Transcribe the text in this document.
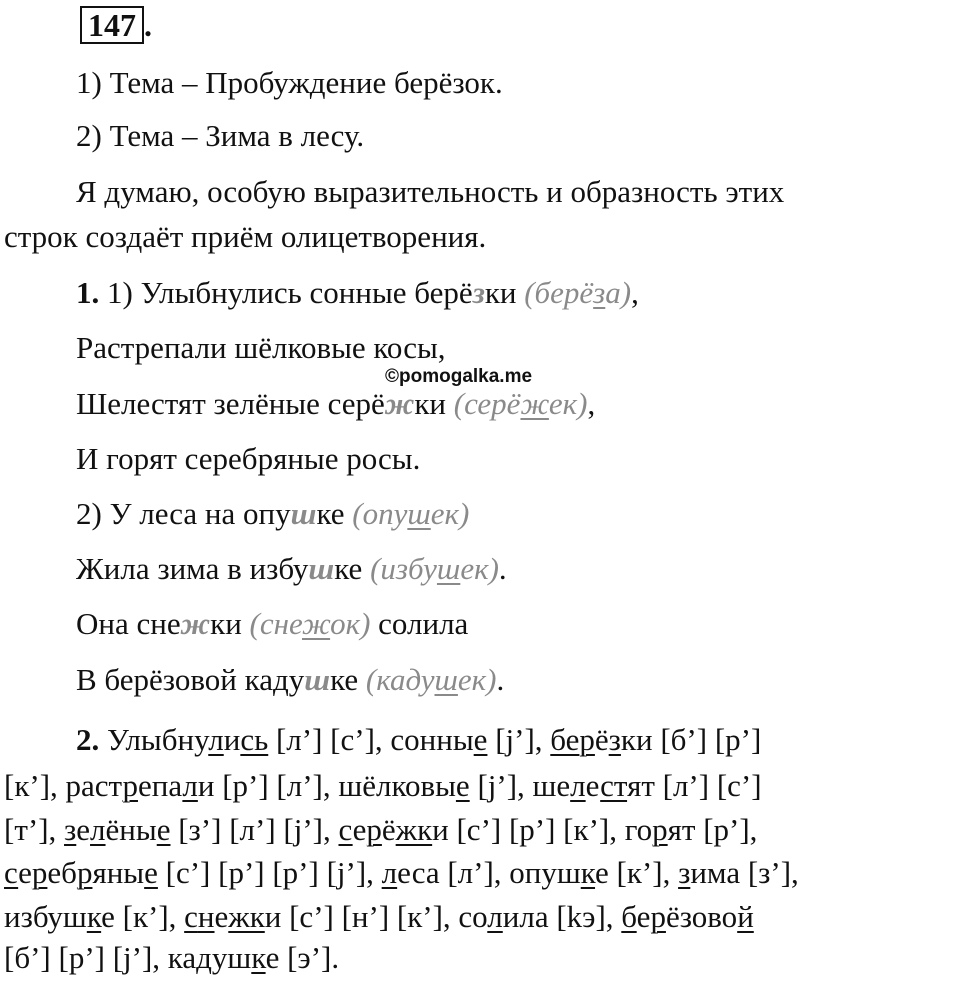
147 .
1) Тема – Пробуждение берёзок.
2) Тема – Зима в лесу.
Я думаю, особую выразительность и образность этих
строк создаёт приём олицетворения.
1. 1) Улыбнулись сонные берёзки (берёза),
Растрепали шёлковые косы,
©pomogalka.me
Шелестят зелёные серёжки (серёжек),
И горят серебряные росы.
2) У леса на опушке (опушек)
Жила зима в избушке (избушек).
Она снежки (снежок) солила
В берёзовой кадушке (кадушек).
2. Улыбнулись [л’] [с’], сонные [j’], берёзки [б’] [р’]
[к’], растрепали [р’] [л’], шёлковые [j’], шелестят [л’] [с’]
[т’], зелёные [з’] [л’] [j’], серёжки [с’] [р’] [к’], горят [р’],
серебряные [с’] [р’] [р’] [j’], леса [л’], опушке [к’], зима [з’],
избушке [к’], снежки [с’] [н’] [к’], солила [kэ], берёзовой
[б’] [р’] [j’], кадушке [э’].
